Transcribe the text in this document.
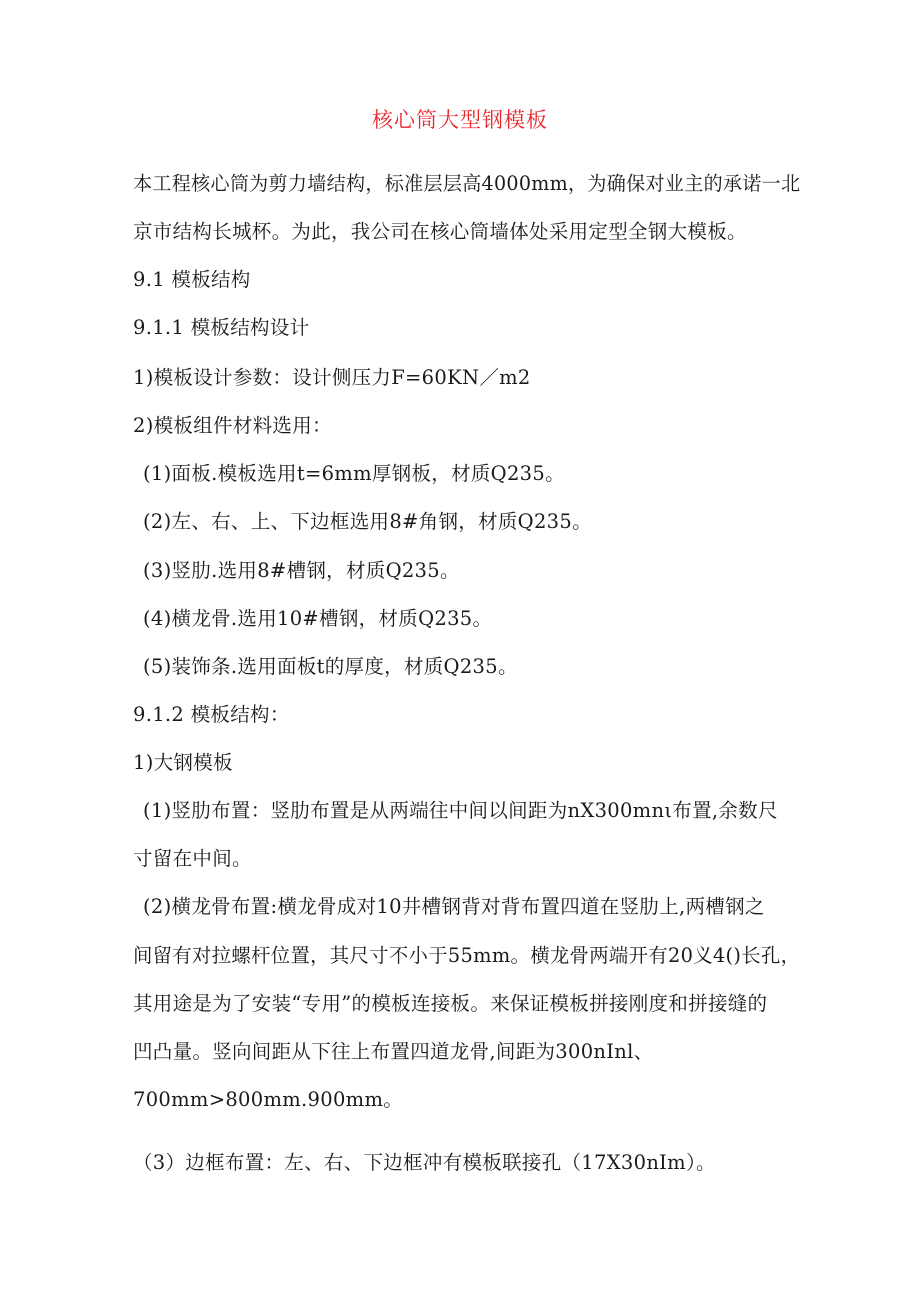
核心筒大型钢模板
本工程核心筒为剪力墙结构，标准层层高4000mm，为确保对业主的承诺一北
京市结构长城杯。为此，我公司在核心筒墙体处采用定型全钢大模板。
9.1 模板结构
9.1.1 模板结构设计
1)模板设计参数：设计侧压力F=60KN／m2
2)模板组件材料选用：
(1)面板.模板选用t=6mm厚钢板，材质Q235。
(2)左、右、上、下边框选用8#角钢，材质Q235。
(3)竖肋.选用8#槽钢，材质Q235。
(4)横龙骨.选用10#槽钢，材质Q235。
(5)装饰条.选用面板t的厚度，材质Q235。
9.1.2 模板结构：
1)大钢模板
(1)竖肋布置：竖肋布置是从两端往中间以间距为nX300mnι布置,余数尺
寸留在中间。
(2)横龙骨布置:横龙骨成对10井槽钢背对背布置四道在竖肋上,两槽钢之
间留有对拉螺杆位置，其尺寸不小于55mm。横龙骨两端开有20义4()长孔，
其用途是为了安装“专用”的模板连接板。来保证模板拼接刚度和拼接缝的
凹凸量。竖向间距从下往上布置四道龙骨,间距为300nInl、
700mm>800mm.900mm。
（3）边框布置：左、右、下边框冲有模板联接孔（17X30nIm）。
